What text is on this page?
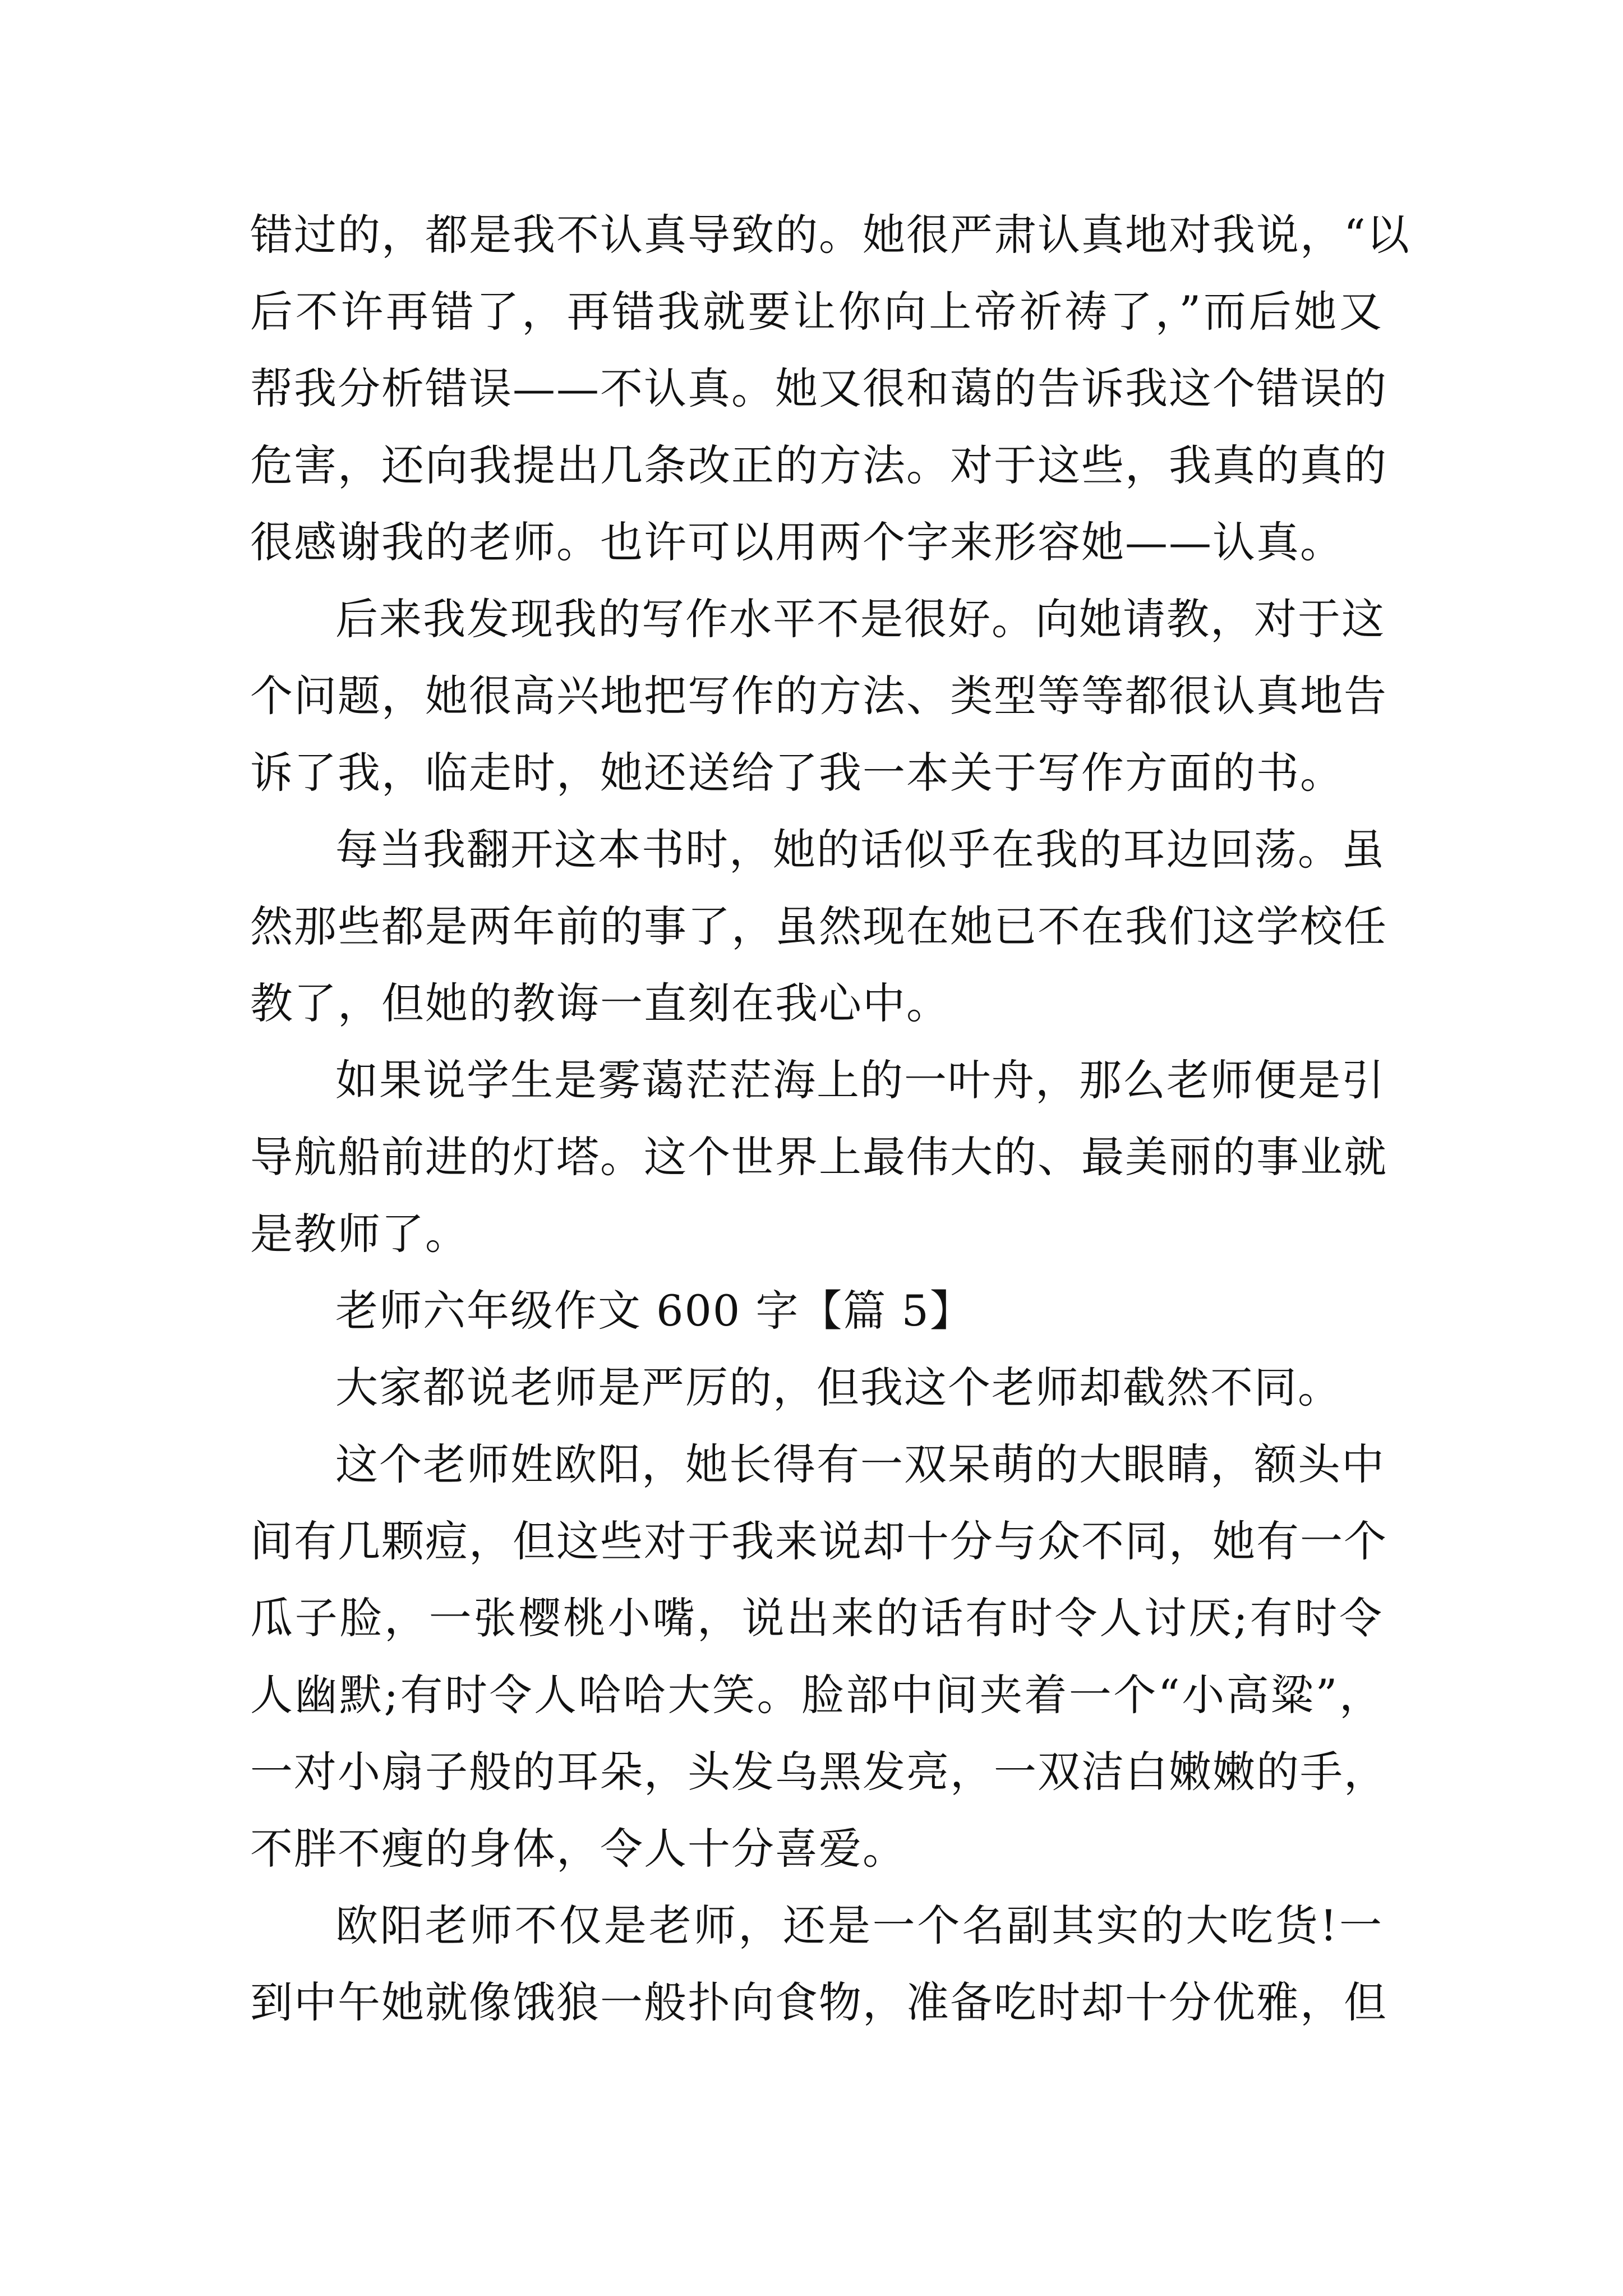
错过的，都是我不认真导致的。她很严肃认真地对我说，“以
后不许再错了，再错我就要让你向上帝祈祷了，”而后她又
帮我分析错误——不认真。她又很和蔼的告诉我这个错误的
危害，还向我提出几条改正的方法。对于这些，我真的真的
很感谢我的老师。也许可以用两个字来形容她——认真。
后来我发现我的写作水平不是很好。向她请教，对于这
个问题，她很高兴地把写作的方法、类型等等都很认真地告
诉了我，临走时，她还送给了我一本关于写作方面的书。
每当我翻开这本书时，她的话似乎在我的耳边回荡。虽
然那些都是两年前的事了，虽然现在她已不在我们这学校任
教了，但她的教诲一直刻在我心中。
如果说学生是雾蔼茫茫海上的一叶舟，那么老师便是引
导航船前进的灯塔。这个世界上最伟大的、最美丽的事业就
是教师了。
老师六年级作文 600 字【篇 5】
大家都说老师是严厉的，但我这个老师却截然不同。
这个老师姓欧阳，她长得有一双呆萌的大眼睛，额头中
间有几颗痘，但这些对于我来说却十分与众不同，她有一个
瓜子脸，一张樱桃小嘴，说出来的话有时令人讨厌;有时令
人幽默;有时令人哈哈大笑。脸部中间夹着一个“小高粱”，
一对小扇子般的耳朵，头发乌黑发亮，一双洁白嫩嫩的手，
不胖不瘦的身体，令人十分喜爱。
欧阳老师不仅是老师，还是一个名副其实的大吃货!一
到中午她就像饿狼一般扑向食物，准备吃时却十分优雅，但
